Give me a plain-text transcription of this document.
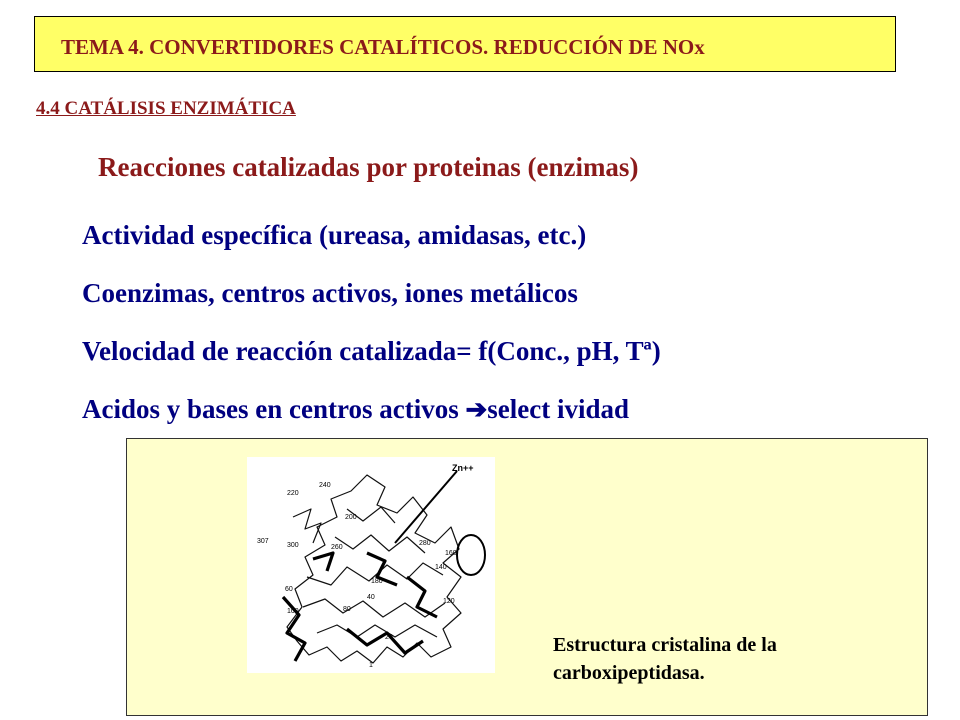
TEMA 4. CONVERTIDORES CATALÍTICOS. REDUCCIÓN DE NOx
4.4 CATÁLISIS ENZIMÁTICA
Reacciones catalizadas por proteinas (enzimas)
Actividad específica (ureasa, amidasas, etc.)
Coenzimas, centros activos, iones metálicos
Velocidad de reacción catalizada= f(Conc., pH, Tª)
Acidos y bases en centros activos ➔select ividad
Zn++
240
220
200
307
300	260
280
160
140
180
60
40
100	80
120
20
1
Estructura cristalina de la
carboxipeptidasa.
